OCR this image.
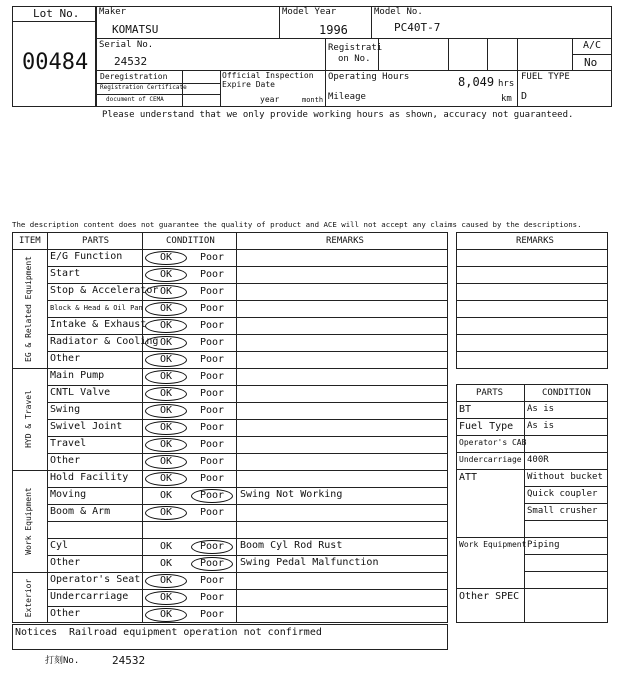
Lot No.
00484
Maker
KOMATSU
Model Year
1996
Model No.
PC40T-7
Serial No.
24532
Registrati
on No.
A/C
No
Deregistration
Registration Certificate
document of CEMA
Official Inspection
Expire Date
year	month
Operating Hours	8,049 hrs
Mileage	km
FUEL TYPE
D
Please understand that we only provide working hours as shown, accuracy not guaranteed.
The description content does not guarantee the quality of product and ACE will not accept any claims caused by the descriptions.
ITEM	PARTS	CONDITION	REMARKS	REMARKS
PARTS	CONDITION
Notices Railroad equipment operation not confirmed
打刻No.	24532
E/G Function	OK	Poor
Start	OK	Poor
Stop & Accelerator OK	Poor
Block & Head & Oil Pan	OK	Poor
Intake & Exhaust	OK	Poor
Radiator & Cooling OK	Poor
Other	OK	Poor
EG & Related Equipment
Main Pump	OK	Poor
CNTL Valve	OK	Poor
Swing	OK	Poor
Swivel Joint	OK	Poor
Travel	OK	Poor
Other	OK	Poor
HYD & Travel
Hold Facility	OK	Poor
Moving	OK	Poor	Swing Not Working
Boom & Arm	OK	Poor
Cyl	OK	Poor	Boom Cyl Rod Rust
Other	OK	Poor	Swing Pedal Malfunction
Work Equipment
Operator's Seat	OK	Poor
Undercarriage	OK	Poor
Other	OK	Poor
Exterior
BT	As is
Fuel Type As is
Operator's CAB
Undercarriage 400R
ATT	Without bucket
Quick coupler
Small crusher
Work Equipment Piping
Other SPEC
